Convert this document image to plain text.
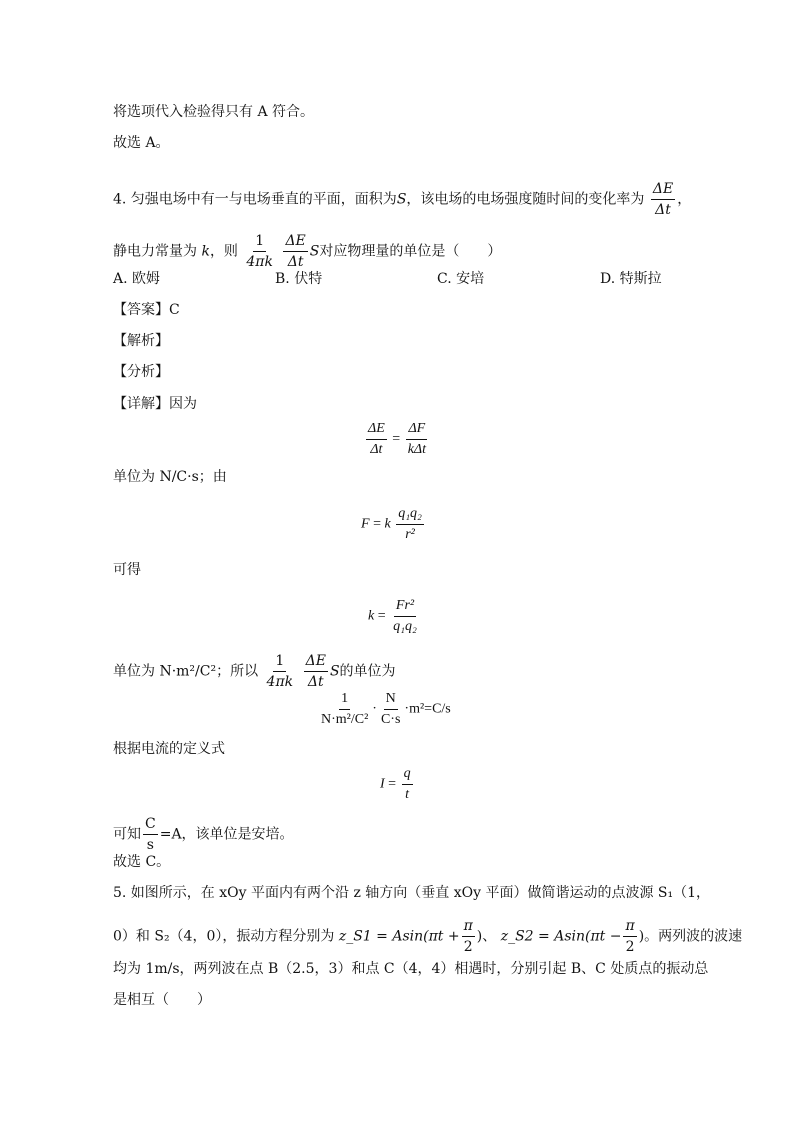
将选项代入检验得只有 A 符合。
故选 A。
4. 匀强电场中有一与电场垂直的平面，面积为S，该电场的电场强度随时间的变化率为 $\frac{\Delta E}{\Delta t}$ ，
静电力常量为 k，则 $\frac{1}{4\pi k}$
$\frac{\Delta E}{\Delta t}$ S对应物理量的单位是（　　）
A. 欧姆	B. 伏特	C. 安培	D. 特斯拉
【答案】C
【解析】
【分析】
【详解】因为
$\frac{\Delta E}{\Delta t} = \frac{\Delta F}{\text{kΔt}}$
单位为 N/C·s；由
F = k $\frac{\text{q₁q₂}}{\text{r²}}$
可得
$k = \frac{\text{Fr²}}{\text{q₁q₂}}$
单位为 N·m²/C²；所以 $\frac{1}{4\pi k}$
$\frac{\Delta E}{\Delta t}$ S的单位为
$\frac{1}{\text{N·m²/C²}} \cdot \frac{N}{C\cdot s} \cdot m^2=C/s$
根据电流的定义式
$I = \frac{q}{t}$
可知 $\frac{C}{s} =A$，该单位是安培。
故选 C。
5. 如图所示，在 xOy 平面内有两个沿 z 轴方向（垂直 xOy 平面）做简谐运动的点波源 S₁（1，
0）和 S₂（4，0），振动方程分别为 z_S1 = $Asin(\pi t + \frac{\pi}{2}$ )、 z_S2 = $Asin(\pi t - \frac{\pi}{2}$ )。两列波的波速
均为 1m/s，两列波在点 B（2.5，3）和点 C（4，4）相遇时，分别引起 B、C 处质点的振动总
是相互（　　）
